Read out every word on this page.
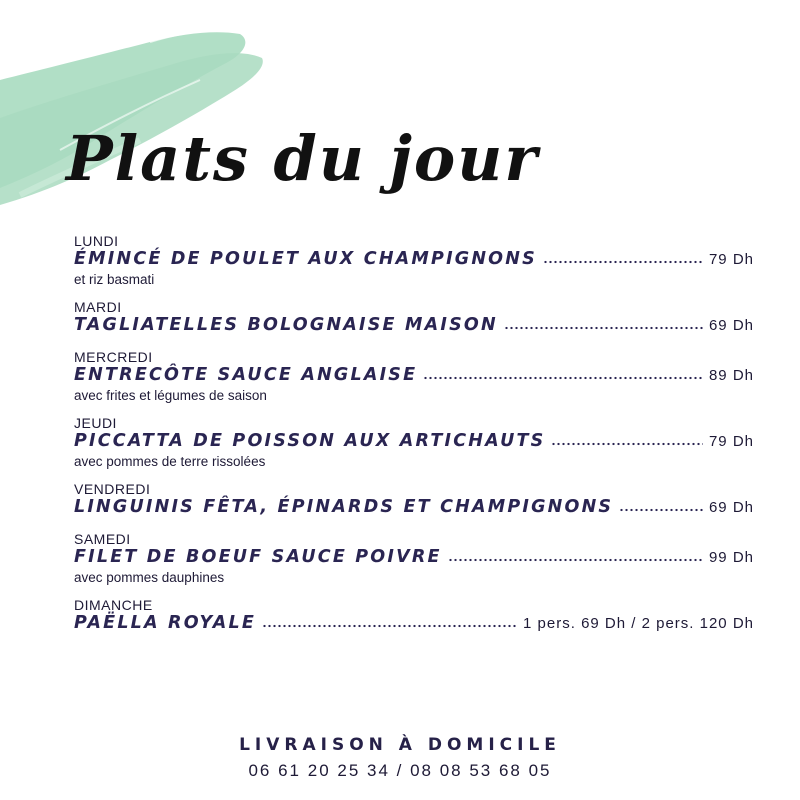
Plats du jour
LUNDI
ÉMINCÉ DE POULET AUX CHAMPIGNONS	79 Dh
et riz basmati
MARDI
TAGLIATELLES BOLOGNAISE MAISON	69 Dh
MERCREDI
ENTRECÔTE SAUCE ANGLAISE	89 Dh
avec frites et légumes de saison
JEUDI
PICCATTA DE POISSON AUX ARTICHAUTS	79 Dh
avec pommes de terre rissolées
VENDREDI
LINGUINIS FÊTA, ÉPINARDS ET CHAMPIGNONS	69 Dh
SAMEDI
FILET DE BOEUF SAUCE POIVRE	99 Dh
avec pommes dauphines
DIMANCHE
PAËLLA ROYALE	1 pers. 69 Dh / 2 pers. 120 Dh
LIVRAISON À DOMICILE
06 61 20 25 34 / 08 08 53 68 05
